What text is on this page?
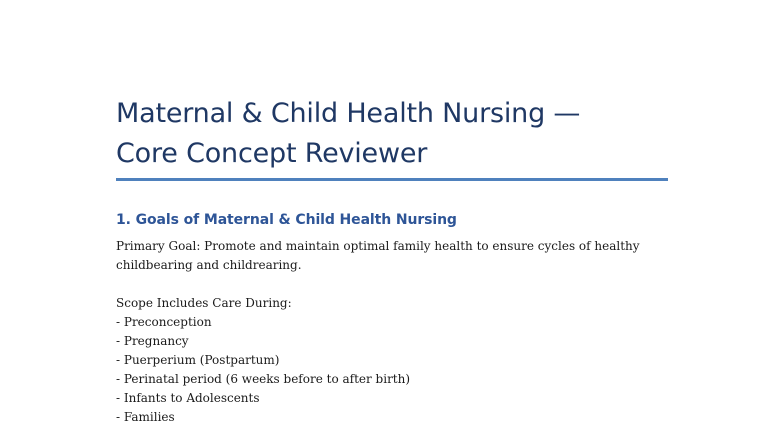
Maternal & Child Health Nursing —
Core Concept Reviewer
1. Goals of Maternal & Child Health Nursing

Primary Goal: Promote and maintain optimal family health to ensure cycles of healthy
childbearing and childrearing.

Scope Includes Care During:
- Preconception
- Pregnancy
- Puerperium (Postpartum)
- Perinatal period (6 weeks before to after birth)
- Infants to Adolescents
- Families
